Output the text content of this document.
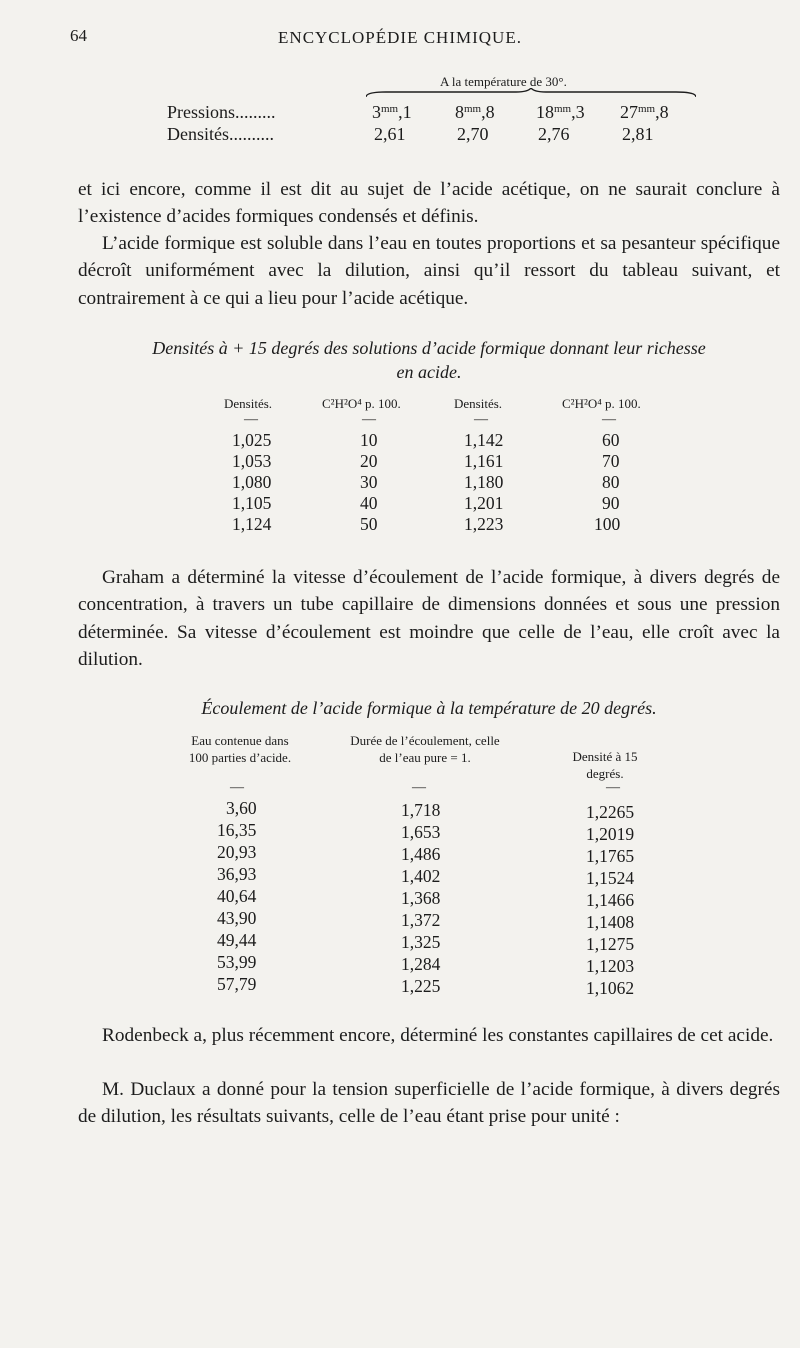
64	ENCYCLOPÉDIE CHIMIQUE.
A la température de 30°.
Pressions.........	$3^{mm},1$ $8^{mm},8$ $18^{mm},3$ $27^{mm},8$
Densités..........	2,61	2,70	2,76	2,81
et ici encore, comme il est dit au sujet de l’acide acétique, on ne saurait conclure à l’existence d’acides formiques condensés et définis.
L’acide formique est soluble dans l’eau en toutes proportions et sa pesanteur spécifique décroît uniformément avec la dilution, ainsi qu’il ressort du tableau suivant, et contrairement à ce qui a lieu pour l’acide acétique.
Densités à + 15 degrés des solutions d’acide formique donnant leur richesse
en acide.
Densités.	C²H²O⁴ p. 100.	Densités.	C²H²O⁴ p. 100.
—	—	—	—
1,025	10	1,142	60
1,053	20	1,161	70
1,080	30	1,180	80
1,105	40	1,201	90
1,124	50	1,223	100
Graham a déterminé la vitesse d’écoulement de l’acide formique, à divers degrés de concentration, à travers un tube capillaire de dimensions données et sous une pression déterminée. Sa vitesse d’écoulement est moindre que celle de l’eau, elle croît avec la dilution.
Écoulement de l’acide formique à la température de 20 degrés.
Eau contenue dans 100 parties d’acide.
Durée de l’écoulement, celle de l’eau pure = 1.	Densité à 15 degrés.
—	—	—
3,60	1,718	1,2265
16,35	1,653	1,2019
20,93	1,486	1,1765
36,93	1,402	1,1524
40,64	1,368	1,1466
43,90	1,372	1,1408
49,44	1,325	1,1275
53,99	1,284	1,1203
57,79	1,225	1,1062
Rodenbeck a, plus récemment encore, déterminé les constantes capillaires de cet acide.
M. Duclaux a donné pour la tension superficielle de l’acide formique, à divers degrés de dilution, les résultats suivants, celle de l’eau étant prise pour unité :
